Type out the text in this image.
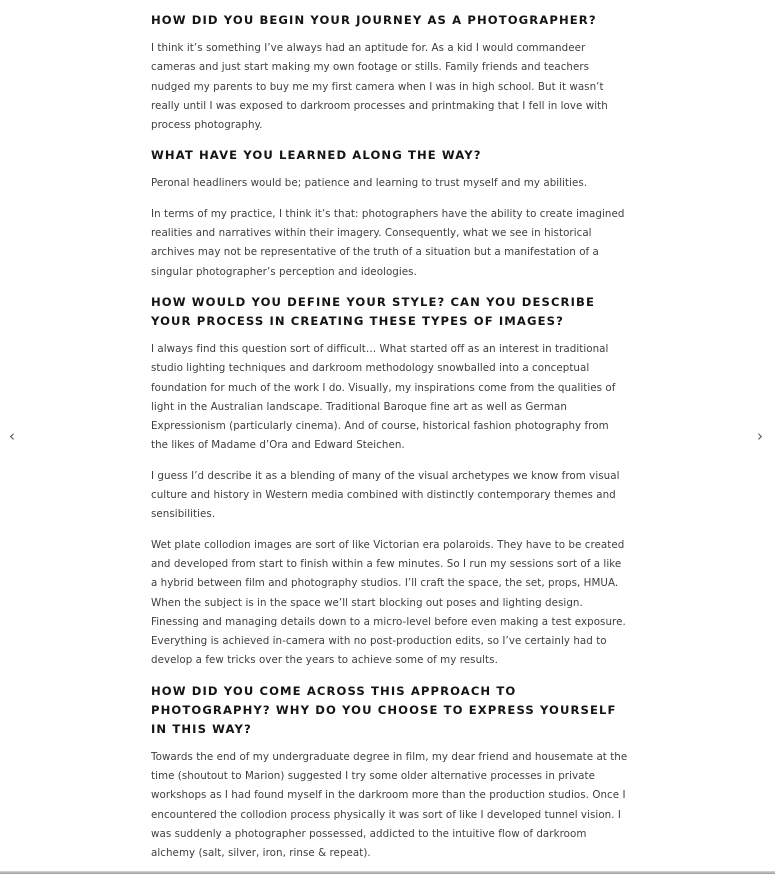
‹	›
HOW DID YOU BEGIN YOUR JOURNEY AS A PHOTOGRAPHER?

I think it’s something I’ve always had an aptitude for. As a kid I would commandeer cameras and just start making my own footage or stills. Family friends and teachers nudged my parents to buy me my first camera when I was in high school. But it wasn’t really until I was exposed to darkroom processes and printmaking that I fell in love with process photography.

WHAT HAVE YOU LEARNED ALONG THE WAY?

Peronal headliners would be; patience and learning to trust myself and my abilities.

In terms of my practice, I think it’s that: photographers have the ability to create imagined realities and narratives within their imagery. Consequently, what we see in historical archives may not be representative of the truth of a situation but a manifestation of a singular photographer’s perception and ideologies.

HOW WOULD YOU DEFINE YOUR STYLE? CAN YOU DESCRIBE YOUR PROCESS IN CREATING THESE TYPES OF IMAGES?

I always find this question sort of difficult… What started off as an interest in traditional studio lighting techniques and darkroom methodology snowballed into a conceptual foundation for much of the work I do. Visually, my inspirations come from the qualities of light in the Australian landscape. Traditional Baroque fine art as well as German Expressionism (particularly cinema). And of course, historical fashion photography from the likes of Madame d’Ora and Edward Steichen.

I guess I’d describe it as a blending of many of the visual archetypes we know from visual culture and history in Western media combined with distinctly contemporary themes and sensibilities.

Wet plate collodion images are sort of like Victorian era polaroids. They have to be created and developed from start to finish within a few minutes. So I run my sessions sort of a like a hybrid between film and photography studios. I’ll craft the space, the set, props, HMUA. When the subject is in the space we’ll start blocking out poses and lighting design. Finessing and managing details down to a micro-level before even making a test exposure. Everything is achieved in-camera with no post-production edits, so I’ve certainly had to develop a few tricks over the years to achieve some of my results.

HOW DID YOU COME ACROSS THIS APPROACH TO PHOTOGRAPHY? WHY DO YOU CHOOSE TO EXPRESS YOURSELF IN THIS WAY?

Towards the end of my undergraduate degree in film, my dear friend and housemate at the time (shoutout to Marion) suggested I try some older alternative processes in private workshops as I had found myself in the darkroom more than the production studios. Once I encountered the collodion process physically it was sort of like I developed tunnel vision. I was suddenly a photographer possessed, addicted to the intuitive flow of darkroom alchemy (salt, silver, iron, rinse & repeat).
